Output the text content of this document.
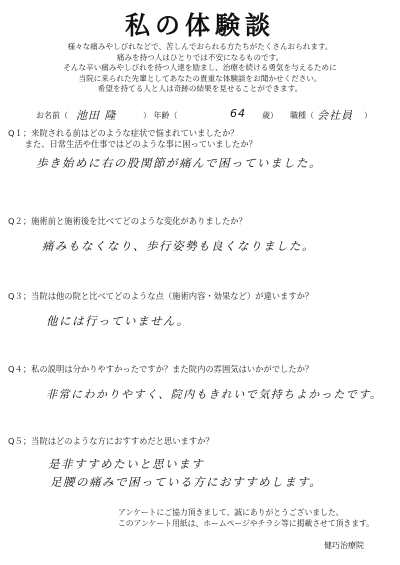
私の体験談
様々な痛みやしびれなどで、苦しんでおられる方たちがたくさんおられます。
痛みを持つ人はひとりでは不安になるものです。
そんな辛い痛みやしびれを持つ人達を励まし、治療を続ける勇気を与えるために
当院に来られた先輩としてあなたの貴重な体験談をお聞かせください。
希望を持てる人と人は奇跡の結果を見せることができます。
お名前（ 池田 隆	） 年齢（	64 歳） 職種（ 会社員 ）
Q１；来院される前はどのような症状で悩まれていましたか？
　　また、日常生活や仕事ではどのような事に困っていましたか？
歩き始めに右の股関節が痛んで困っていました。
Q２；施術前と施術後を比べてどのような変化がありましたか？
痛みもなくなり、歩行姿勢も良くなりました。
Q３；当院は他の院と比べてどのような点（施術内容・効果など）が違いますか？
他には行っていません。
Q４；私の説明は分かりやすかったですか？また院内の雰囲気はいかがでしたか？
非常にわかりやすく、院内もきれいで気持ちよかったです。
Q５；当院はどのような方におすすめだと思いますか？
是非すすめたいと思います
足腰の痛みで困っている方におすすめします。
アンケートにご協力頂きまして、誠にありがとうございました。
このアンケート用紙は、ホームページやチラシ等に掲載させて頂きます。
健巧治療院
